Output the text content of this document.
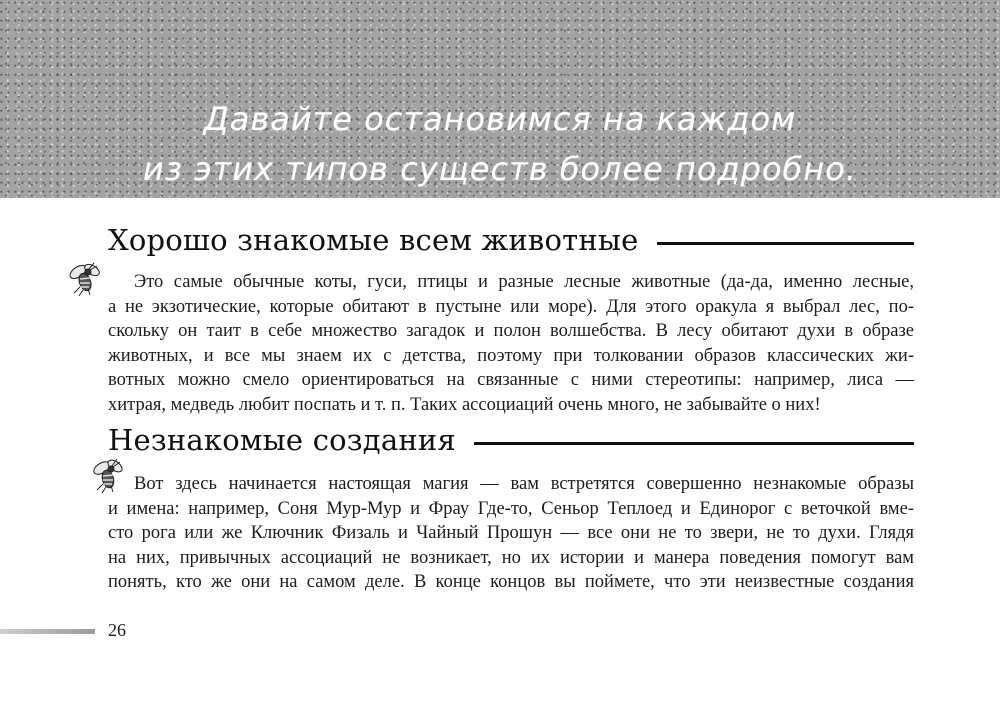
Давайте остановимся на каждом
из этих типов существ более подробно.
Хорошо знакомые всем животные
Это самые обычные коты, гуси, птицы и разные лесные животные (да-да, именно лесные,
а не экзотические, которые обитают в пустыне или море). Для этого оракула я выбрал лес, по-
скольку он таит в себе множество загадок и полон волшебства. В лесу обитают духи в образе
животных, и все мы знаем их с детства, поэтому при толковании образов классических жи-
вотных можно смело ориентироваться на связанные с ними стереотипы: например, лиса —
хитрая, медведь любит поспать и т. п. Таких ассоциаций очень много, не забывайте о них!
Незнакомые создания
Вот здесь начинается настоящая магия — вам встретятся совершенно незнакомые образы
и имена: например, Соня Мур-Мур и Фрау Где-то, Сеньор Теплоед и Единорог с веточкой вме-
сто рога или же Ключник Физаль и Чайный Прошун — все они не то звери, не то духи. Глядя
на них, привычных ассоциаций не возникает, но их истории и манера поведения помогут вам
понять, кто же они на самом деле. В конце концов вы поймете, что эти неизвестные создания
26
